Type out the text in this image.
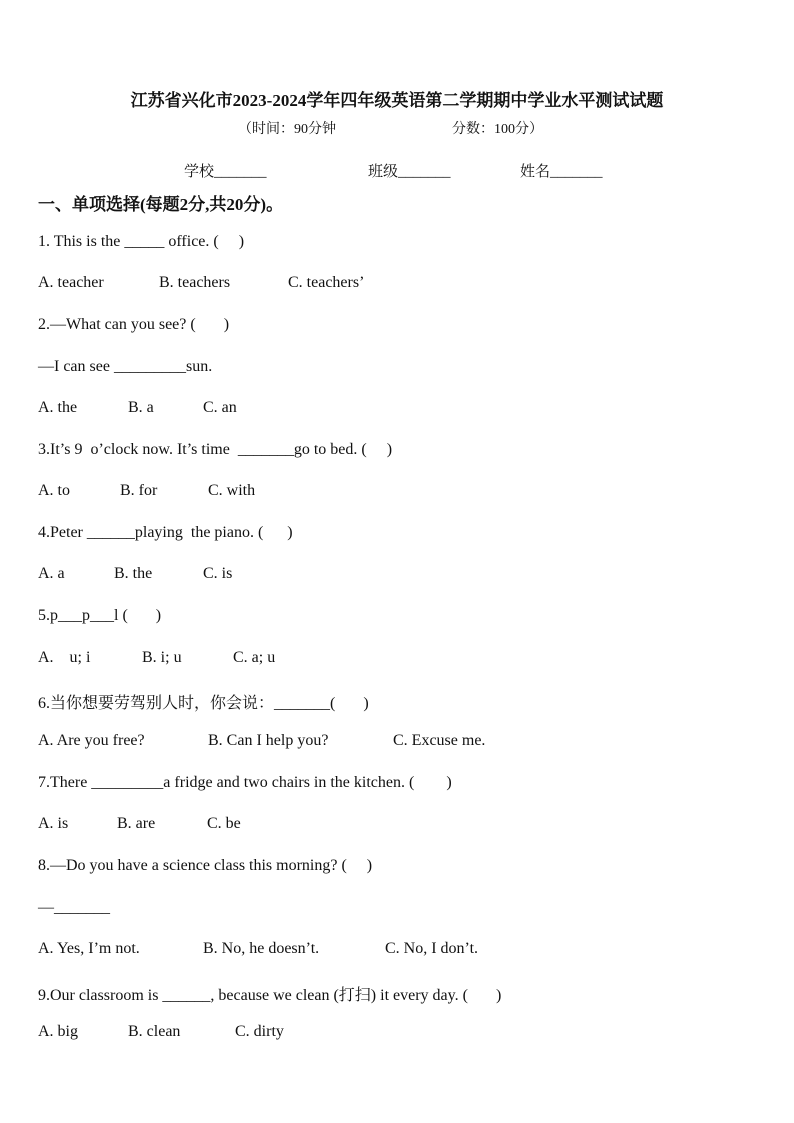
江苏省兴化市2023-2024学年四年级英语第二学期期中学业水平测试试题
（时间：90分钟	分数：100分）
学校_______	班级_______	姓名_______
一、单项选择(每题2分,共20分)。
1. This is the _____ office. (     )

A. teacher

	B. teachers

	C. teachers’

2.—What can you see? (       )
—I can see _________sun.

A. the

	B. a

	C. an

3.It’s 9  o’clock now. It’s time  _______go to bed. (     )

A. to

	B. for

	C. with

4.Peter ______playing  the piano. (      )

A. a

	B. the

	C. is

5.p___p___l (       )

A.    u; i

	B. i; u

	C. a; u

6.当你想要劳驾别人时，你会说：_______(       )

A. Are you free?

	B. Can I help you?

	C. Excuse me.

7.There _________a fridge and two chairs in the kitchen. (        )

A. is

	B. are

	C. be

8.—Do you have a science class this morning? (     )
—_______

A. Yes, I’m not.

	B. No, he doesn’t.

	C. No, I don’t.

9.Our classroom is ______, because we clean (打扫) it every day. (       )

A. big

	B. clean

	C. dirty
